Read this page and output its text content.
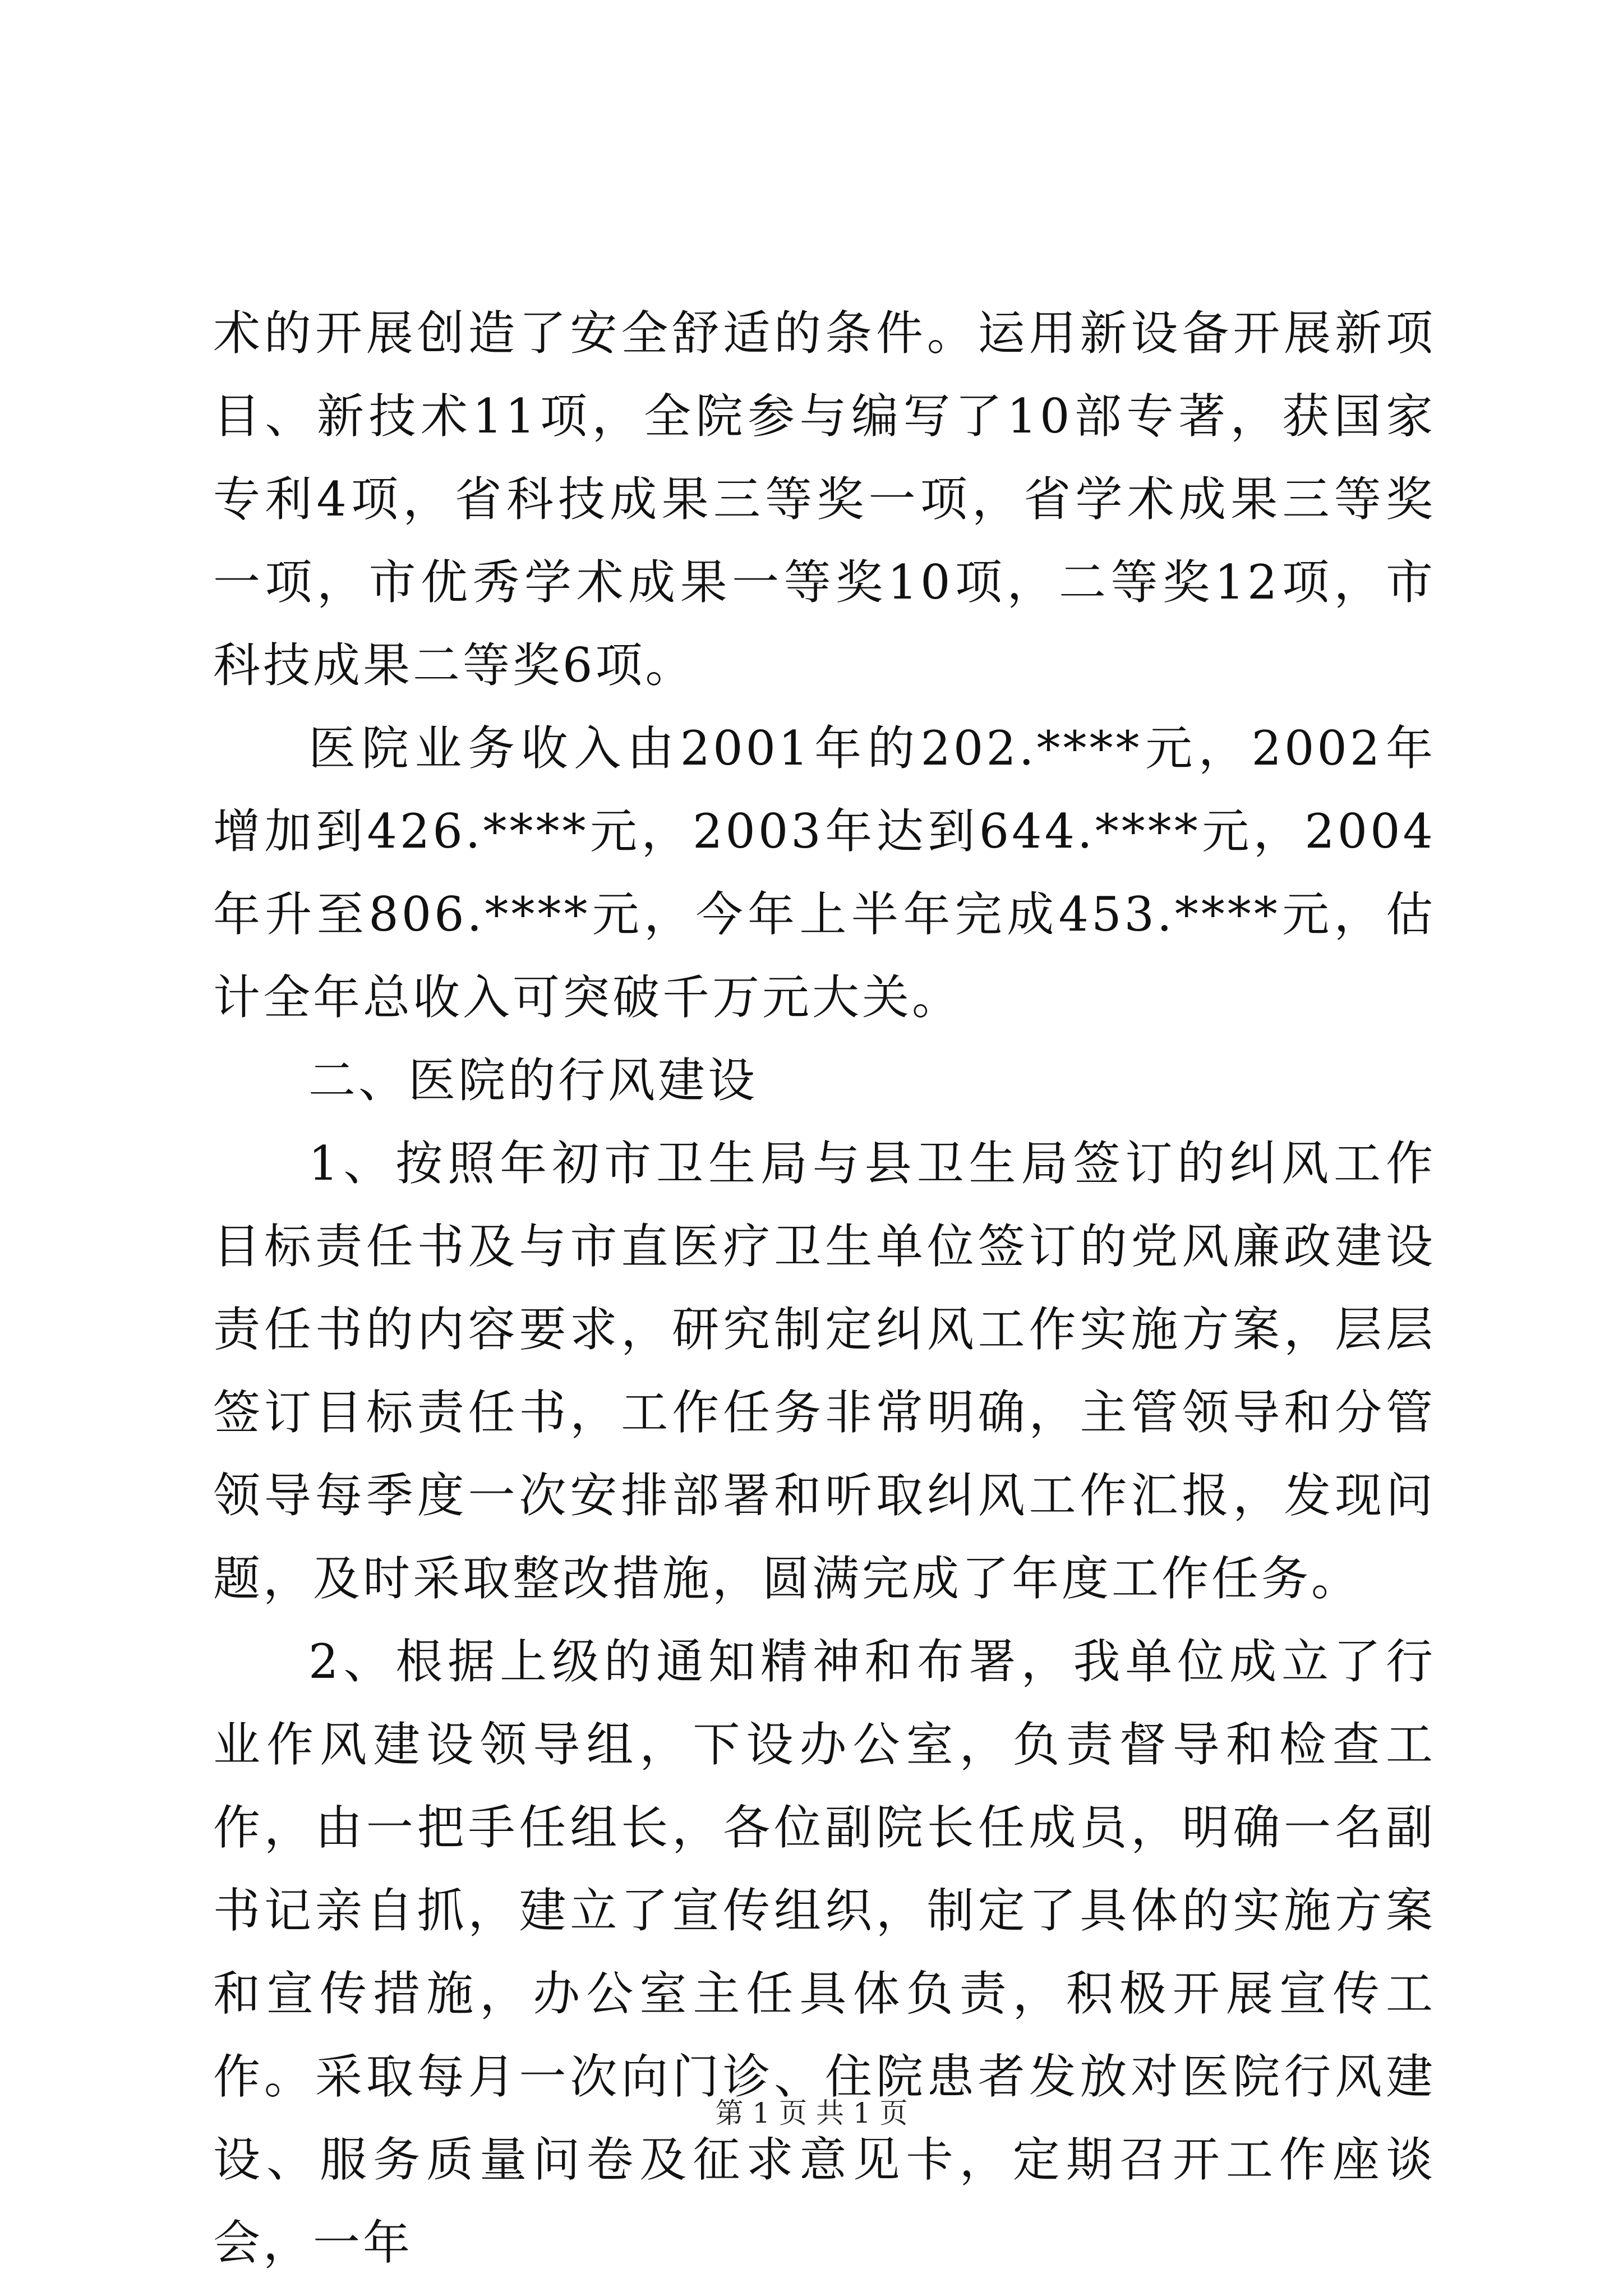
术的开展创造了安全舒适的条件。运用新设备开展新项目、新技术11项，全院参与编写了10部专著，获国家专利4项，省科技成果三等奖一项，省学术成果三等奖一项，市优秀学术成果一等奖10项，二等奖12项，市科技成果二等奖6项。

医院业务收入由2001年的202.****元，2002年增加到426.****元，2003年达到644.****元，2004年升至806.****元，今年上半年完成453.****元，估计全年总收入可突破千万元大关。

二、医院的行风建设

1、按照年初市卫生局与县卫生局签订的纠风工作目标责任书及与市直医疗卫生单位签订的党风廉政建设责任书的内容要求，研究制定纠风工作实施方案，层层签订目标责任书，工作任务非常明确，主管领导和分管领导每季度一次安排部署和听取纠风工作汇报，发现问题，及时采取整改措施，圆满完成了年度工作任务。

2、根据上级的通知精神和布署，我单位成立了行业作风建设领导组，下设办公室，负责督导和检查工作，由一把手任组长，各位副院长任成员，明确一名副书记亲自抓，建立了宣传组织，制定了具体的实施方案和宣传措施，办公室主任具体负责，积极开展宣传工作。采取每月一次向门诊、住院患者发放对医院行风建设、服务质量问卷及征求意见卡，定期召开工作座谈会，一年

第 1 页 共 1 页
